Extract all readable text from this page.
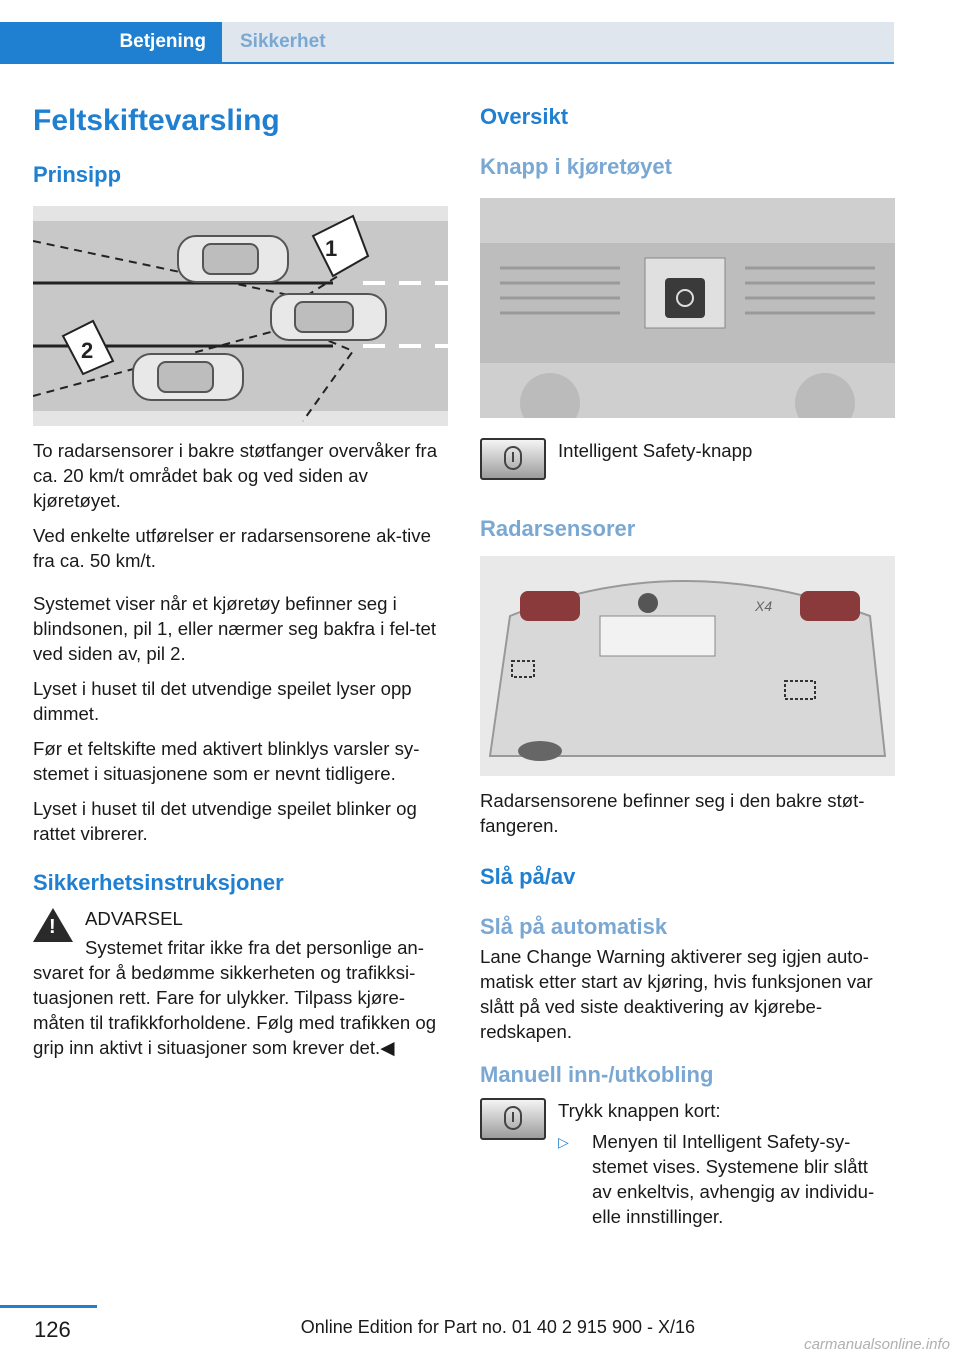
Betjening	Sikkerhet
Feltskiftevarsling
Prinsipp
1
2

To radarsensorer i bakre støtfanger overvåker fra ca. 20 km/t området bak og ved siden av kjøretøyet.

Ved enkelte utførelser er radarsensorene ak‐tive fra ca. 50 km/t.

Systemet viser når et kjøretøy befinner seg i blindsonen, pil 1, eller nærmer seg bakfra i fel‐tet ved siden av, pil 2.

Lyset i huset til det utvendige speilet lyser opp dimmet.

Før et feltskifte med aktivert blinklys varsler sy‐stemet i situasjonene som er nevnt tidligere.

Lyset i huset til det utvendige speilet blinker og rattet vibrerer.

Sikkerhetsinstruksjoner
!	ADVARSEL

Systemet fritar ikke fra det personlige an‐svaret for å bedømme sikkerheten og trafikksi‐tuasjonen rett. Fare for ulykker. Tilpass kjøre‐måten til trafikkforholdene. Følg med trafikken og grip inn aktivt i situasjoner som krever det.◀

Oversikt
Knapp i kjøretøyet

Intelligent Safety-knapp

Radarsensorer
X4

Radarsensorene befinner seg i den bakre støt‐fangeren.

Slå på/av
Slå på automatisk

Lane Change Warning aktiverer seg igjen auto‐matisk etter start av kjøring, hvis funksjonen var slått på ved siste deaktivering av kjørebe‐redskapen.

Manuell inn-/utkobling

Trykk knappen kort:

▷	Menyen til Intelligent Safety-sy‐stemet vises. Systemene blir slått av enkeltvis, avhengig av individu‐elle innstillinger.

126	Online Edition for Part no. 01 40 2 915 900 - X/16
carmanualsonline.info
